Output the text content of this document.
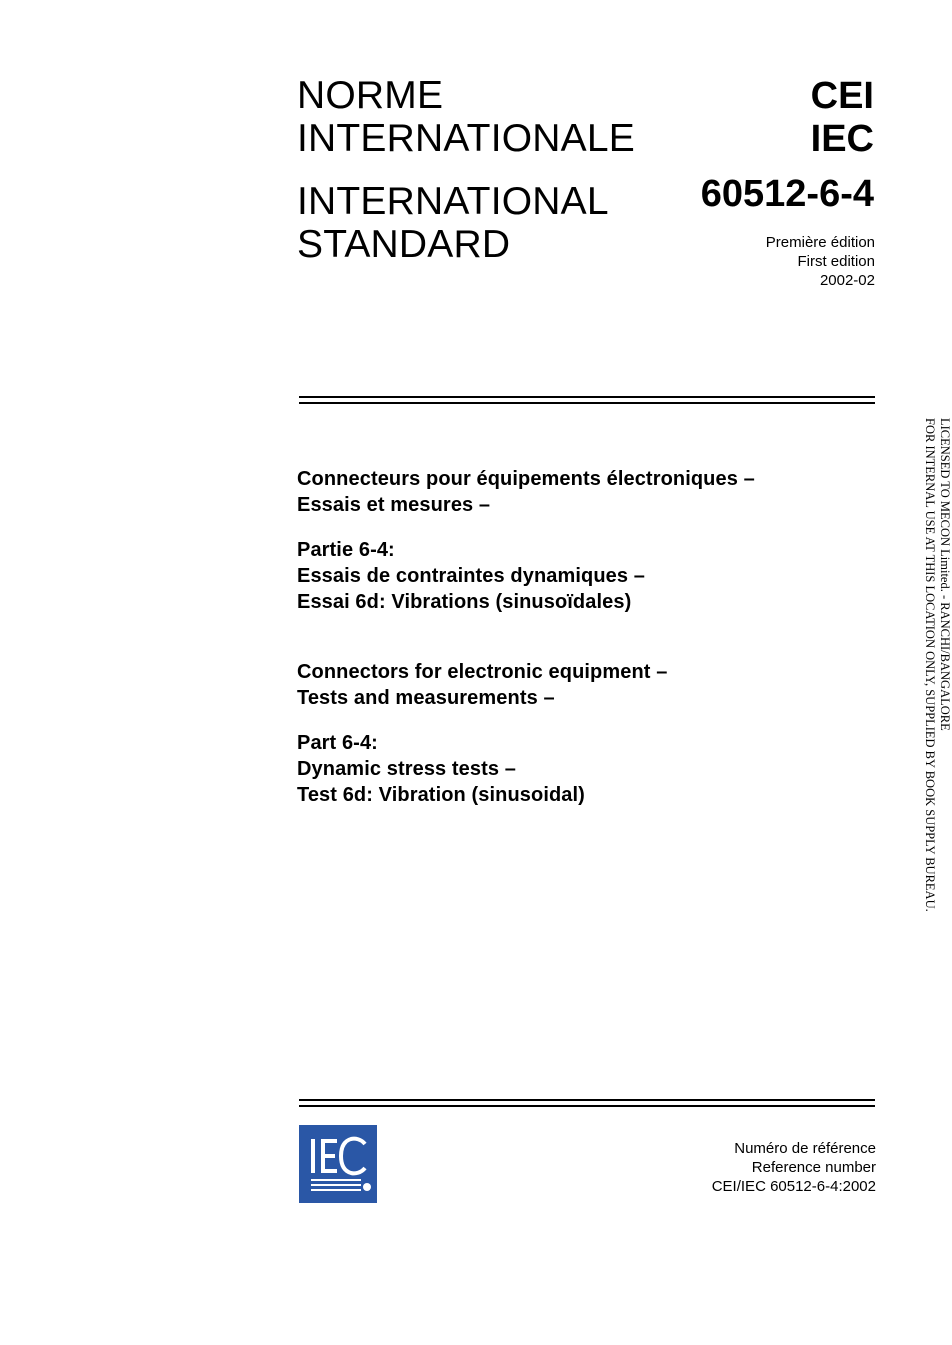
NORME
INTERNATIONALE
INTERNATIONAL
STANDARD
CEI
IEC
60512-6-4
Première édition
First edition
2002-02
Connecteurs pour équipements électroniques –
Essais et mesures –
Partie 6-4:
Essais de contraintes dynamiques –
Essai 6d: Vibrations (sinusoïdales)
Connectors for electronic equipment –
Tests and measurements –
Part 6-4:
Dynamic stress tests –
Test 6d: Vibration (sinusoidal)
LICENSED TO MECON Limited. - RANCHI/BANGALORE
FOR INTERNAL USE AT THIS LOCATION ONLY, SUPPLIED BY BOOK SUPPLY BUREAU.
Numéro de référence
Reference number
CEI/IEC 60512-6-4:2002
